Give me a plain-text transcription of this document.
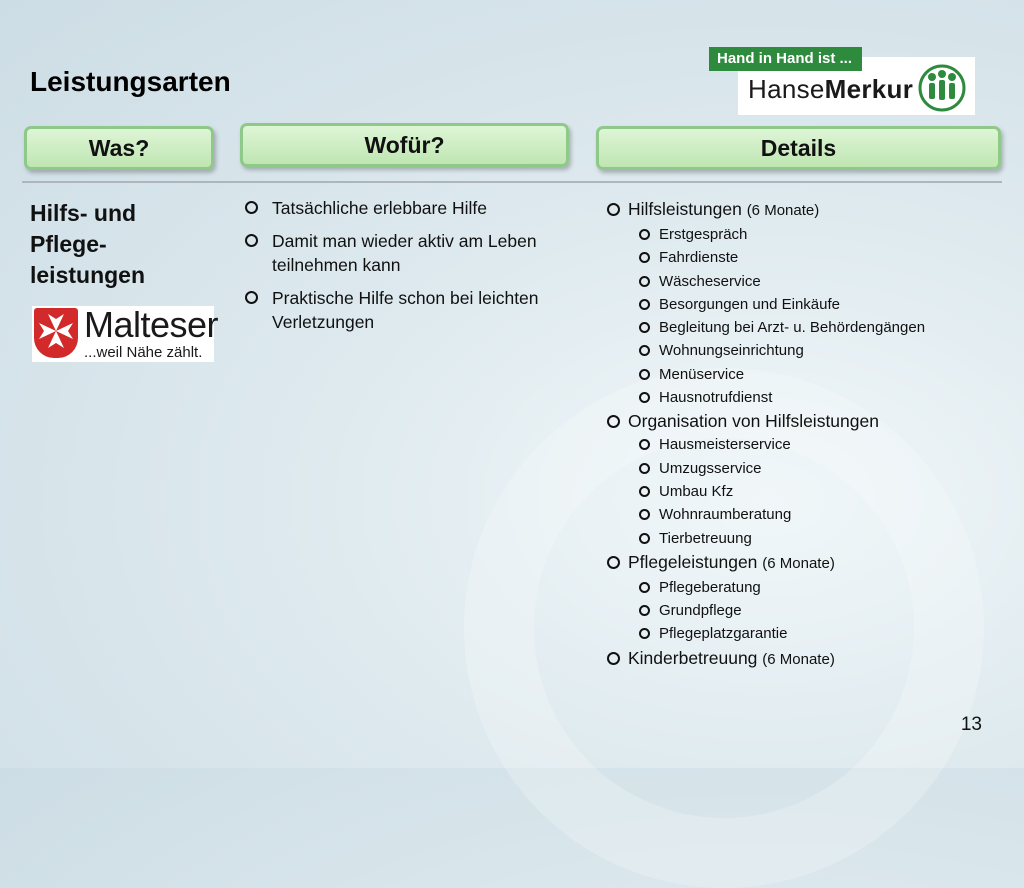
Leistungsarten	HanseMerkur
Hand in Hand ist ...
Was?	Wofür?	Details
Hilfs- und
Pflege-
leistungen
Malteser
...weil Nähe zählt.
Tatsächliche erlebbare Hilfe
Damit man wieder aktiv am Leben teilnehmen kann
Praktische Hilfe schon bei leichten Verletzungen
Hilfsleistungen (6 Monate)
Erstgespräch
Fahrdienste
Wäscheservice
Besorgungen und Einkäufe
Begleitung bei Arzt- u. Behördengängen
Wohnungseinrichtung
Menüservice
Hausnotrufdienst
Organisation von Hilfsleistungen
Hausmeisterservice
Umzugsservice
Umbau Kfz
Wohnraumberatung
Tierbetreuung
Pflegeleistungen (6 Monate)
Pflegeberatung
Grundpflege
Pflegeplatzgarantie
Kinderbetreuung (6 Monate)
13
